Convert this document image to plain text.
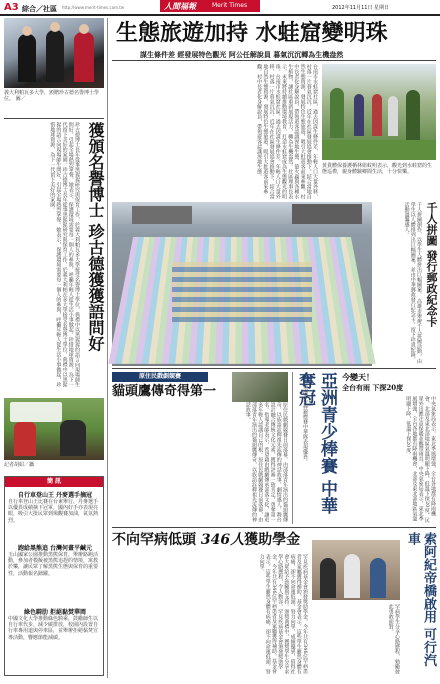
A3 綜合／社區 http://www.merit-times.com.tw	人間福報	Merit Times	2012年11月11日 星期日
義大利帕瓦多大學，頒贈珍古德名譽博士學位。 圖／
珍古德博士長年從事黑猩猩研究與保育工作，於義大利帕瓦多大學接受名譽博士學位，典禮中以黑猩猩的語言向現場師生問好，引起全場熱烈掌聲。她表示，保護環境需要每一個人的參與，呼籲年輕人從生活小事做起，珍惜地球資源，為下一代留下美好的家園。珍古德博士長年從事黑猩猩研究與保育工作，於義大利帕瓦多大學接受名譽博士學位，典禮中以黑猩猩的語言向現場師生問好，引起全場熱烈掌聲。她表示，保護環境需要每一個人的參與，呼籲年輕人從生活小事做起，珍惜地球資源，為下一代留下美好的家園。	獲頒名譽博士 珍古德獲獲語問好
記者胡紹／攝
簡 訊
自行車登山王 丹麥選手摘冠
自行車登山王比賽在台東舉行，丹麥選手以優異成績摘下冠軍，國內好手亦表現亮眼，吸引大批民眾到場觀賽加油，氣氛熱烈。
跑給黑熊追 台灣何畫平鹹元
玉山國家公園推動黑熊保育，舉辦路跑活動，參加者模擬被黑熊追趕的情境，寓教於樂，讓民眾了解黑熊生態與保育的重要性，活動報名踴躍。
綠色騎肋 拒絕黏焚華岡
中國文化大學推動綠色騎乘，鼓勵師生以自行車代步，減少碳排放，校園內設置自行車專用道與停車區，並舉辦拒絕黏焚宣導活動，響應節能減碳。
生態旅遊加持 水蛙窟變明珠
謀生條件差 經發展特色觀光 阿公任解說員 暮氣沉沉轉為生機盎然
台南市水蛙窟社區，過去因謀生條件差，年輕人口大量外移，村落一片暮氣沉沉。近年在社區發展協會推動下，結合當地自然生態資源，發展特色生態旅遊，吸引大批遊客前來參觀。村中長者化身解說員，帶領遊客認識溼地生態、螢火蟲與各種水生植物，讓社區重新展現活力，轉為生機盎然。社區理事長表示，未來將持續推動環境教育，打造水蛙窟成為生態觀光的明珠。台南市水蛙窟社區，過去因謀生條件差，年輕人口大量外移，村落一片暮氣沉沉。近年在社區發展協會推動下，結合當地自然生態資源，發展特色生態旅遊，吸引大批遊客前來參觀。村中長者化身解說員，帶領遊客認識溼地生態。	黃貴體保養護栖林組蚊明表示，觀光到水蛙窟的生態巡禮，親身體驗鄉間生活，十分快樂。
千人拼圖 發行郵政紀念卡
千人拼圖創作，以學生人體拼出巨幅圖案。 高雄市舉辦千人拼圖活動，由學生以人體排列出巨幅圖案，並由中華郵政發行紀念卡，留下珍貴紀錄，活動溫馨感人。
原住民戲劇競賽
貓頭鷹傳奇得第一
原住民戲劇競賽日前落幕，由部落青年演出的貓頭鷹傳奇，以族語詮釋祖先流傳的神話故事，劇情感人，舞台設計融合傳統文化元素，獲得評審一致肯定，勇奪第一名。指導老師表示，希望藉由戲劇傳承部落文化，讓更多年輕人認識自己的根。原住民戲劇競賽日前落幕，由部落青年演出的貓頭鷹傳奇，以族語詮釋祖先流傳的神話故事。	亞洲青少棒賽 中華奪冠
亞洲青少棒錦標賽中華隊表現優異。
今變天！
全台有雨 下探20度
中央氣象局表示，東北季風增強，全台各地都有降雨機會，北部及東北部地區氣溫明顯下降，低溫下探20度，民眾外出應注意保暖並攜帶雨具。中央氣象局表示，東北季風增強，全台各地都有降雨機會，北部及東北部地區氣溫明顯下降，低溫下探20度。
不向罕病低頭 346人獲助學金
罕見疾病基金會頒發獎助學金，今年共有346位罕病患者及家屬獲得補助。基金會表示，這些學生雖然身體有病痛，卻不向命運低頭，努力向學，成績優異，值得社會大眾給予鼓勵與支持。頒獎典禮中，獲獎學生分享求學心路歷程，令人動容。罕見疾病基金會頒發獎助學金，今年共有346位罕病患者及家屬獲得補助。基金會表示，這些學生雖然身體有病痛，卻不向命運低頭，努力向學。
罕病學生分享心路歷程，勉勵彼此勇敢面對。	索阿紀帝橋啟用 可行汽車
